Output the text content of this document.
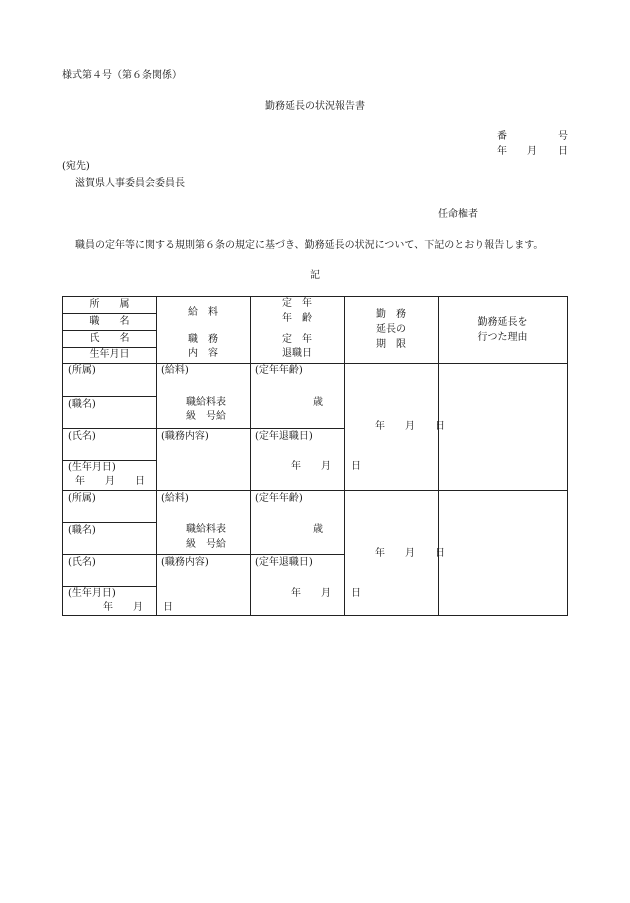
様式第４号（第６条関係）
勤務延長の状況報告書
番	号
年 月 日
(宛先)
滋賀県人事委員会委員長
任命権者
職員の定年等に関する規則第６条の規定に基づき、勤務延長の状況について、下記のとおり報告します。
記
所　　属
職　　名
氏　　名
生年月日
給　料
職　務
内　容
定　年
年　齢
定　年
退職日
勤　務
延長の
期　限
勤務延長を
行つた理由
(所属)
(職名)
(氏名)
(生年月日)
年　　月　　日
(給料)
職給料表
級　号給
(職務内容)
(定年年齢)
歳
(定年退職日)
年　　月　　日
年　　月　　日
(所属)
(職名)
(氏名)
(生年月日)
年　　月　　日
(給料)
職給料表
級　号給
(職務内容)
(定年年齢)
歳
(定年退職日)
年　　月　　日
年　　月　　日
